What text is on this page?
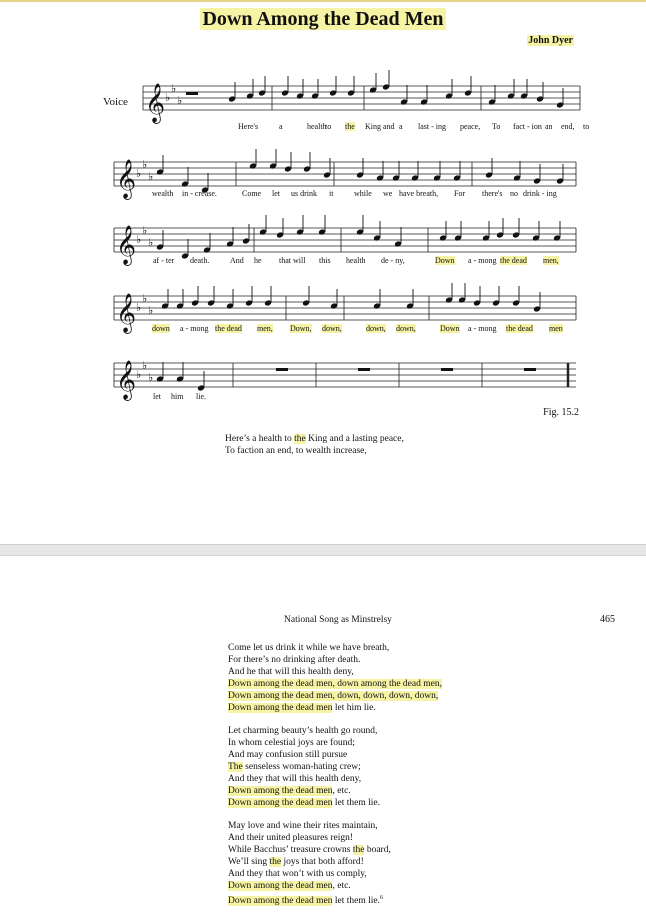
Down Among the Dead Men
John Dyer
Voice 𝄞 ♭
♭
♭
𝄞 ♭
♭
♭
𝄞 ♭
♭
♭
𝄞 ♭
♭
♭
𝄞 ♭
♭
♭
Here's	a	health
to the King and a last - ing peace, To fact - ion an end, to
wealth in - crease.	Come let us drink it	while we have breath, For there's no drink - ing
af - ter death.	And he that will this health de - ny,	Down a - mong the dead men,
down a - mong the dead men, Down, down,	down, down,	Down a - mong the dead men
let him lie.
Fig. 15.2
Here’s a health to the King and a lasting peace,
To faction an end, to wealth increase,
National Song as Minstrelsy	465
Come let us drink it while we have breath,
For there’s no drinking after death.
And he that will this health deny,
Down among the dead men, down among the dead men,
Down among the dead men, down, down, down, down,
Down among the dead men let him lie.
Let charming beauty’s health go round,
In whom celestial joys are found;
And may confusion still pursue
The senseless woman-hating crew;
And they that will this health deny,
Down among the dead men, etc.
Down among the dead men let them lie.
May love and wine their rites maintain,
And their united pleasures reign!
While Bacchus’ treasure crowns the board,
We’ll sing the joys that both afford!
And they that won’t with us comply,
Down among the dead men, etc.
Down among the dead men let them lie.$^6$
